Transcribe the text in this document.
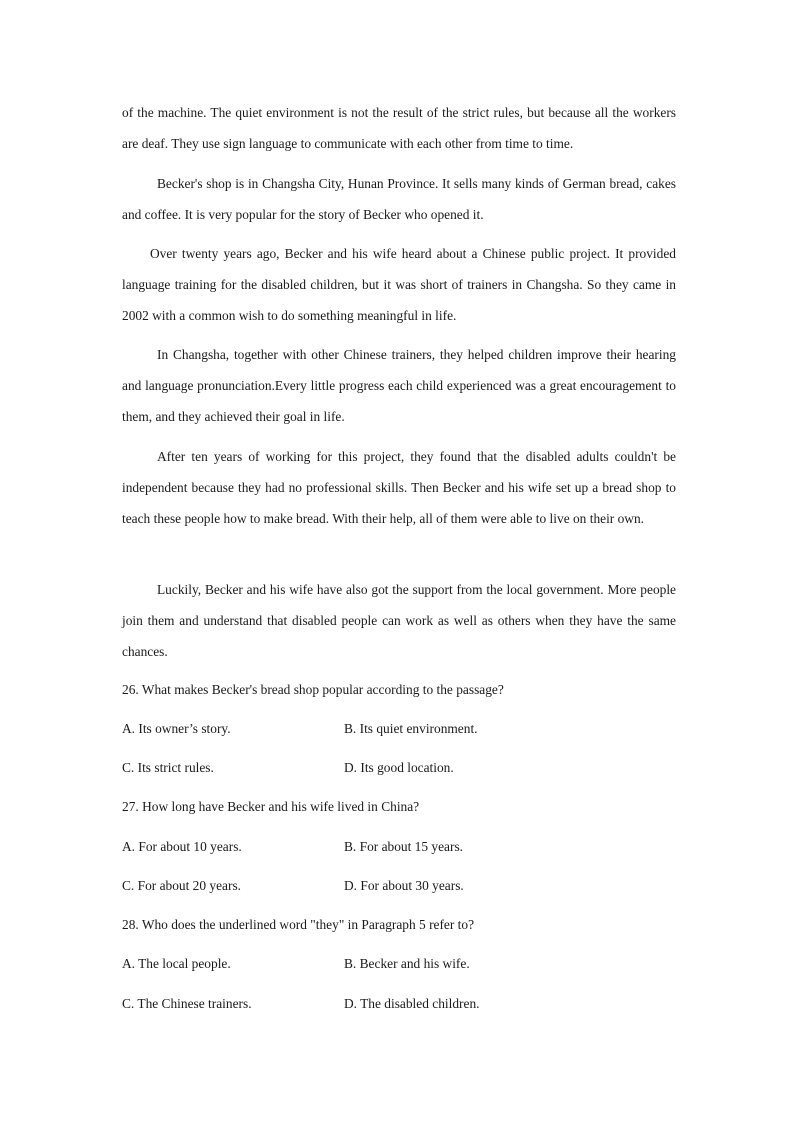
of the machine. The quiet environment is not the result of the strict rules, but because all the workers are deaf. They use sign language to communicate with each other from time to time.

Becker's shop is in Changsha City, Hunan Province. It sells many kinds of German bread, cakes and coffee. It is very popular for the story of Becker who opened it.

Over twenty years ago, Becker and his wife heard about a Chinese public project. It provided language training for the disabled children, but it was short of trainers in Changsha. So they came in 2002 with a common wish to do something meaningful in life.

In Changsha, together with other Chinese trainers, they helped children improve their hearing and language pronunciation.Every little progress each child experienced was a great encouragement to them, and they achieved their goal in life.

After ten years of working for this project, they found that the disabled adults couldn't be independent because they had no professional skills. Then Becker and his wife set up a bread shop to teach these people how to make bread. With their help, all of them were able to live on their own.

Luckily, Becker and his wife have also got the support from the local government. More people join them and understand that disabled people can work as well as others when they have the same chances.

26. What makes Becker's bread shop popular according to the passage?

A. Its owner’s story.	B. Its quiet environment.
C. Its strict rules.	D. Its good location.

27. How long have Becker and his wife lived in China?

A. For about 10 years.	B. For about 15 years.
C. For about 20 years.	D. For about 30 years.

28. Who does the underlined word "they" in Paragraph 5 refer to?

A. The local people.	B. Becker and his wife.
C. The Chinese trainers.	D. The disabled children.
